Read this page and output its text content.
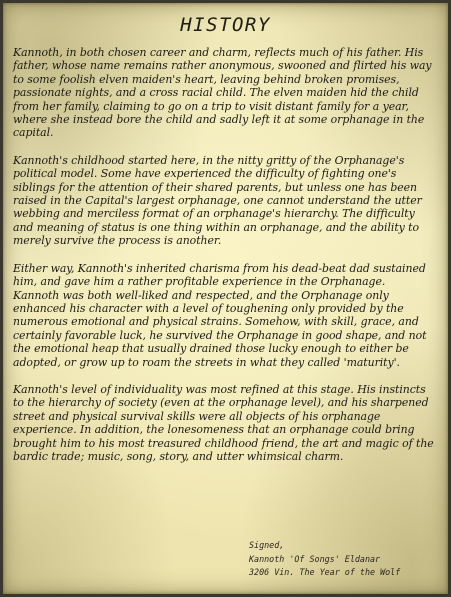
HISTORY

Kannoth, in both chosen career and charm, reflects much of his father. His father, whose name remains rather anonymous, swooned and flirted his way to some foolish elven maiden's heart, leaving behind broken promises, passionate nights, and a cross racial child. The elven maiden hid the child from her family, claiming to go on a trip to visit distant family for a year, where she instead bore the child and sadly left it at some orphanage in the capital.

Kannoth's childhood started here, in the nitty gritty of the Orphanage's political model. Some have experienced the difficulty of fighting one's siblings for the attention of their shared parents, but unless one has been raised in the Capital's largest orphanage, one cannot understand the utter webbing and merciless format of an orphanage's hierarchy. The difficulty and meaning of status is one thing within an orphanage, and the ability to merely survive the process is another.

Either way, Kannoth's inherited charisma from his dead-beat dad sustained him, and gave him a rather profitable experience in the Orphanage. Kannoth was both well-liked and respected, and the Orphanage only enhanced his character with a level of toughening only provided by the numerous emotional and physical strains. Somehow, with skill, grace, and certainly favorable luck, he survived the Orphanage in good shape, and not the emotional heap that usually drained those lucky enough to either be adopted, or grow up to roam the streets in what they called 'maturity'.

Kannoth's level of individuality was most refined at this stage. His instincts to the hierarchy of society (even at the orphanage level), and his sharpened street and physical survival skills were all objects of his orphanage experience. In addition, the lonesomeness that an orphanage could bring brought him to his most treasured childhood friend, the art and magic of the bardic trade; music, song, story, and utter whimsical charm.

Signed,
Kannoth 'Of Songs' Eldanar
3206 Vin. The Year of the Wolf
